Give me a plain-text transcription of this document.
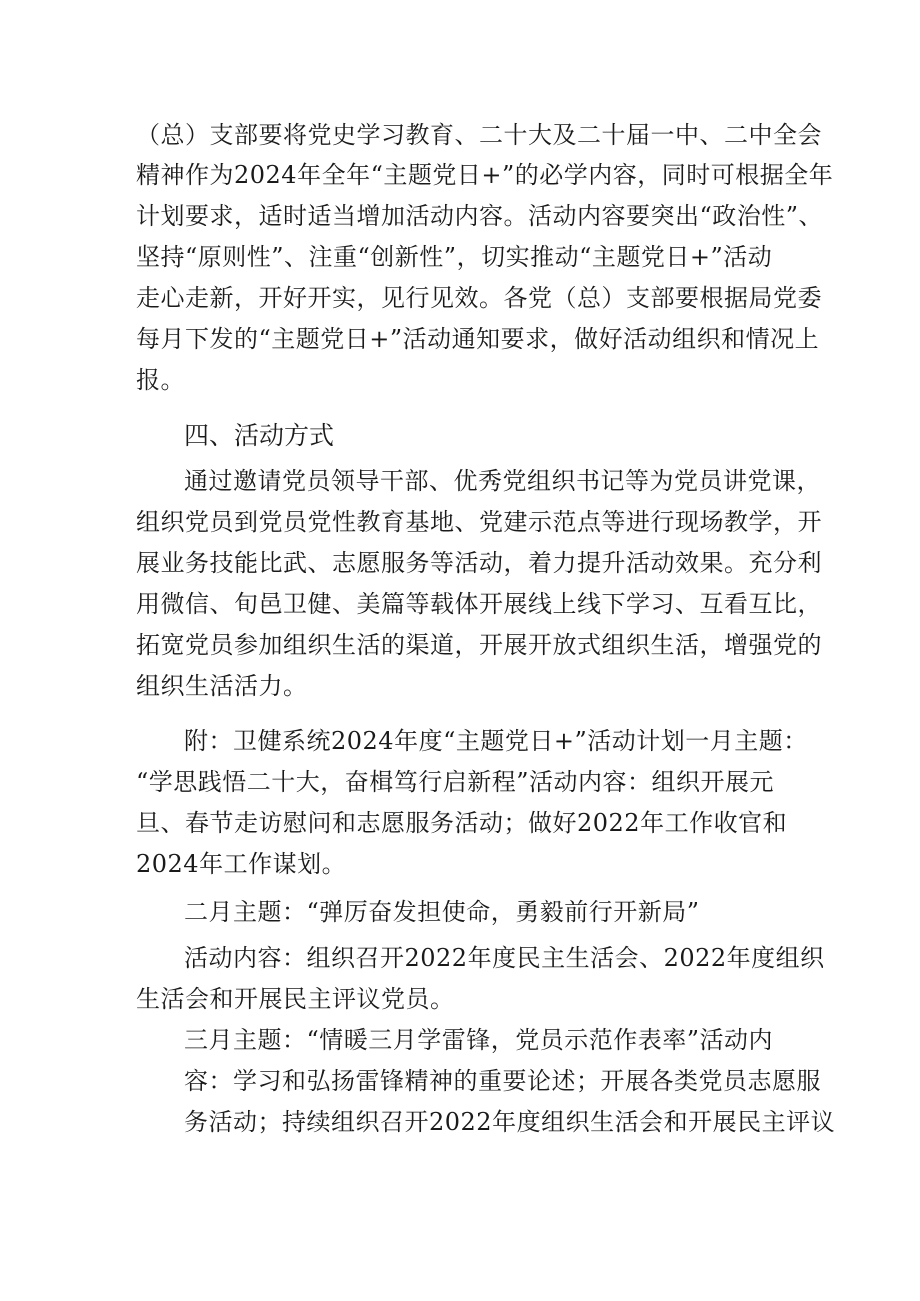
（总）支部要将党史学习教育、二十大及二十届一中、二中全会
精神作为2024年全年“主题党日+”的必学内容，同时可根据全年
计划要求，适时适当增加活动内容。活动内容要突出“政治性”、
坚持“原则性”、注重“创新性”，切实推动“主题党日+”活动
走心走新，开好开实，见行见效。各党（总）支部要根据局党委
每月下发的“主题党日+”活动通知要求，做好活动组织和情况上
报。
四、活动方式
通过邀请党员领导干部、优秀党组织书记等为党员讲党课，
组织党员到党员党性教育基地、党建示范点等进行现场教学，开
展业务技能比武、志愿服务等活动，着力提升活动效果。充分利
用微信、旬邑卫健、美篇等载体开展线上线下学习、互看互比，
拓宽党员参加组织生活的渠道，开展开放式组织生活，增强党的
组织生活活力。
附：卫健系统2024年度“主题党日+”活动计划一月主题：
“学思践悟二十大，奋楫笃行启新程”活动内容：组织开展元
旦、春节走访慰问和志愿服务活动；做好2022年工作收官和
2024年工作谋划。
二月主题：“弹厉奋发担使命，勇毅前行开新局”
活动内容：组织召开2022年度民主生活会、2022年度组织
生活会和开展民主评议党员。
三月主题：“情暖三月学雷锋，党员示范作表率”活动内
容：学习和弘扬雷锋精神的重要论述；开展各类党员志愿服
务活动；持续组织召开2022年度组织生活会和开展民主评议
